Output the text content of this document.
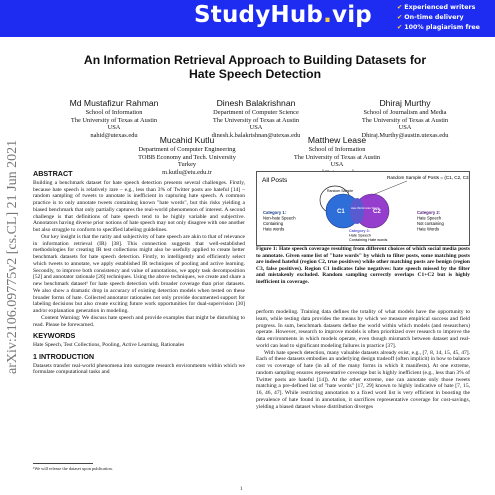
StudyHub.vip	✔ Experienced writers
✔ On-time delivery
✔ 100% plagiarism free
arXiv:2106.09775v2 [cs.CL] 21 Jun 2021
An Information Retrieval Approach to Building Datasets for
Hate Speech Detection
Md Mustafizur Rahman
School of Information
The University of Texas at Austin
USA
nahid@utexas.edu
Dinesh Balakrishnan
Department of Computer Science
The University of Texas at Austin
USA
dinesh.k.balakrishnan@utexas.edu
Dhiraj Murthy
School of Journalism and Media
The University of Texas at Austin
USA
Dhiraj.Murthy@austin.utexas.edu
Mucahid Kutlu
Department of Computer Engineering
TOBB Economy and Tech. University
Turkey
m.kutlu@etu.edu.tr
Matthew Lease
School of Information
The University of Texas at Austin
USA
ABSTRACT

Building a benchmark dataset for hate speech detection presents several challenges. Firstly, because hate speech is relatively rare – e.g., less than 3% of Twitter posts are hateful [14] – random sampling of tweets to annotate is inefficient in capturing hate speech. A common practice is to only annotate tweets containing known "hate words", but this risks yielding a biased benchmark that only partially captures the real-world phenomenon of interest. A second challenge is that definitions of hate speech tend to be highly variable and subjective. Annotators having diverse prior notions of hate speech may not only disagree with one another but also struggle to conform to specified labeling guidelines.

Our key insight is that the rarity and subjectivity of hate speech are akin to that of relevance in information retrieval (IR) [38]. This connection suggests that well-established methodologies for creating IR test collections might also be usefully applied to create better benchmark datasets for hate speech detection. Firstly, to intelligently and efficiently select which tweets to annotate, we apply established IR techniques of pooling and active learning. Secondly, to improve both consistency and value of annotations, we apply task decomposition [52] and annotator rationale [26] techniques. Using the above techniques, we create and share a new benchmark dataset¹ for hate speech detection with broader coverage than prior datasets. We also show a dramatic drop in accuracy of existing detection models when tested on these broader forms of hate. Collected annotator rationales not only provide documented support for labeling decisions but also create exciting future work opportunities for dual-supervision [30] and/or explanation generation in modeling.

Content Warning: We discuss hate speech and provide examples that might be disturbing to read. Please be forewarned.

KEYWORDS

Hate Speech, Test Collections, Pooling, Active Learning, Rationales

1 INTRODUCTION

Datasets transfer real-world phenomena into surrogate research environments within which we formulate computational tasks and

¹We will release the dataset upon publication.
All Posts	Random Sample of Posts = (C1, C2, C3)
Random Sample
C1	C2
Hate Words Hate Words
Category 1: Non-hate Speech Containing Hate words
Category 2: Hate Speech Not containing Hate Words
Category 3: Hate Speech Containing Hate words
Figure 1: Hate speech coverage resulting from different choices of which social media posts to annotate. Given some list of "hate words" by which to filter posts, some matching posts are indeed hateful (region C2, true positives) while other matching posts are benign (region C3, false positives). Region C1 indicates false negatives: hate speech missed by the filter and mistakenly excluded. Random sampling correctly overlaps C1+C2 but is highly inefficient in coverage.

perform modeling. Training data defines the totality of what models have the opportunity to learn, while testing data provides the means by which we measure empirical success and field progress. In sum, benchmark datasets define the world within which models (and researchers) operate. However, research to improve models is often prioritized over research to improve the data environments in which models operate, even though mismatch between dataset and real-world can lead to significant modeling failures in practice [37].

With hate speech detection, many valuable datasets already exist, e.g., [7, 8, 14, 15, 45, 47]. Each of these datasets embodies an underlying design tradeoff (often implicit) in how to balance cost vs coverage of hate (in all of the many forms in which it manifests). At one extreme, random sampling ensures representative coverage but is highly inefficient (e.g., less than 3% of Twitter posts are hateful [14]). At the other extreme, one can annotate only those tweets matching a pre-defined list of "hate words" [17, 29] known to highly indicative of hate [7, 15, 16, 46, 47]. While restricting annotation to a fixed word list is very efficient in boosting the prevalence of hate found in annotation, it sacrifices representative coverage for cost-savings, yielding a biased dataset whose distribution diverges

1
